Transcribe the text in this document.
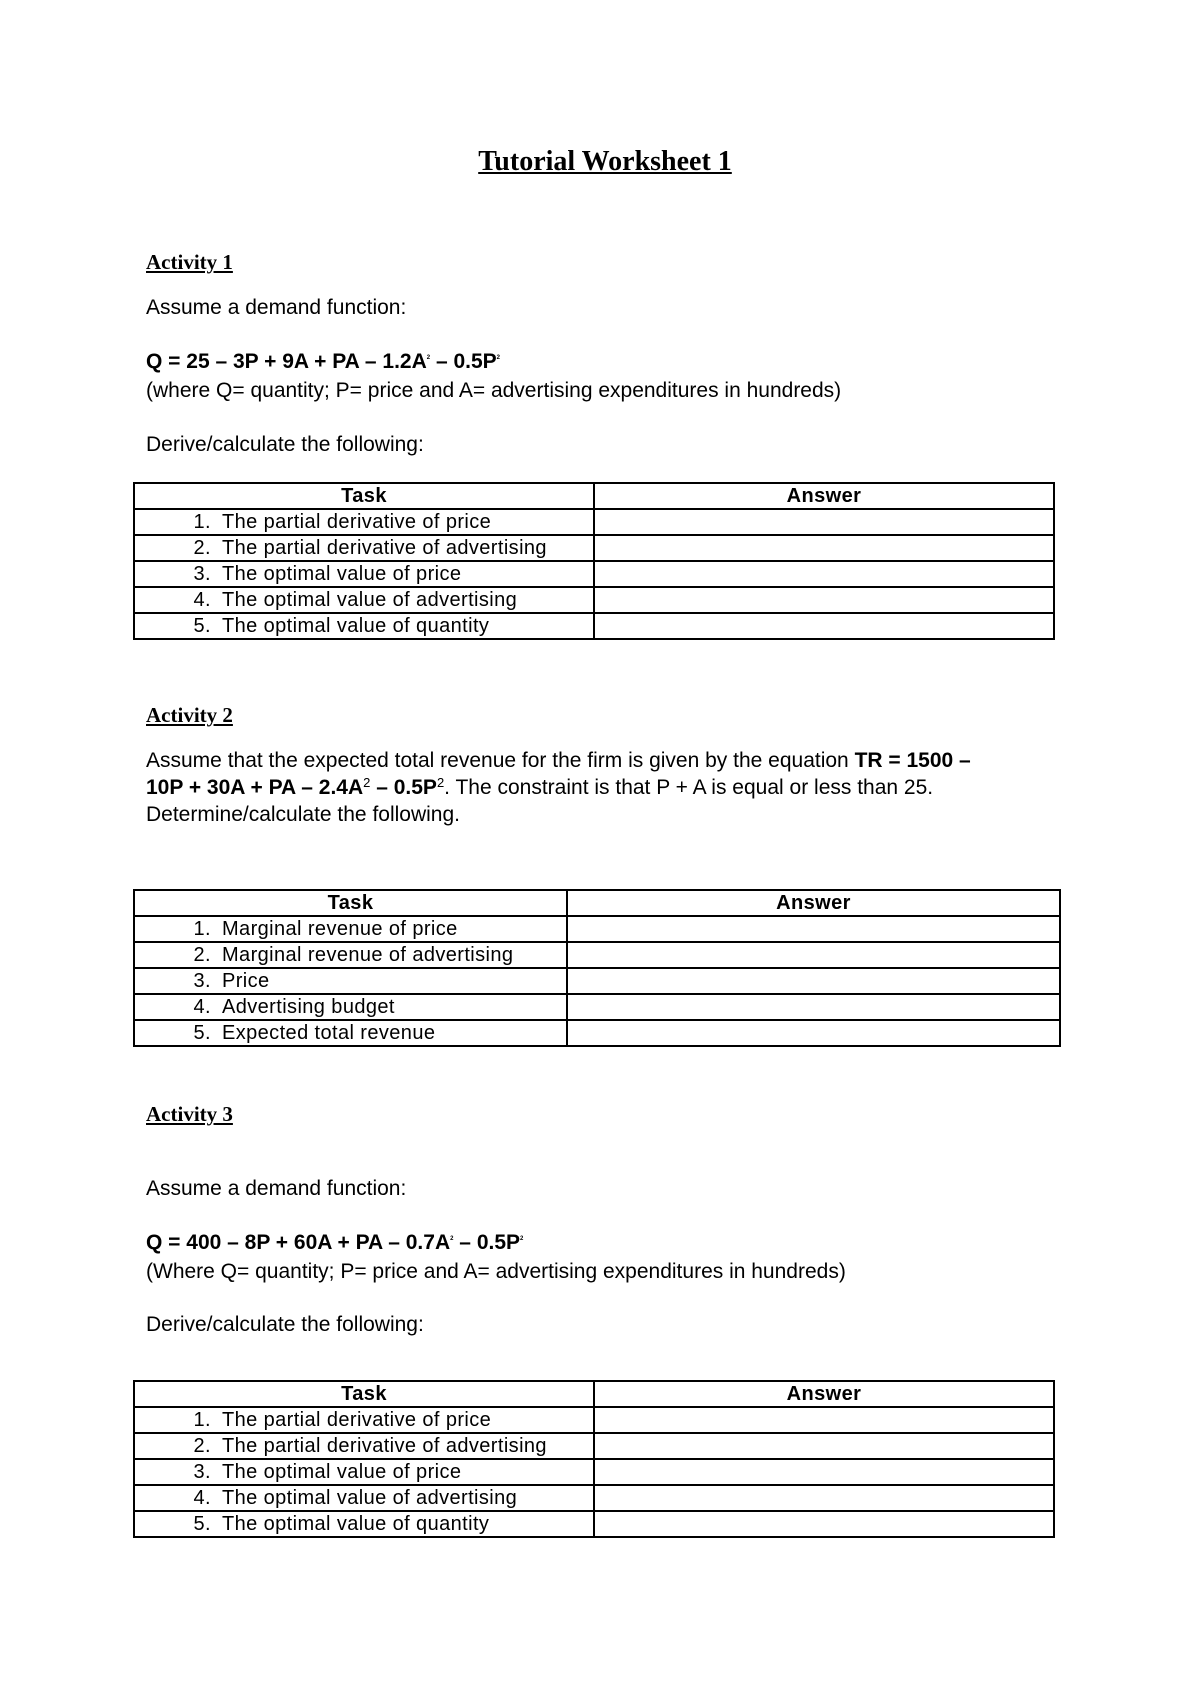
Tutorial Worksheet 1
Activity 1
Assume a demand function:
Q = 25 – 3P + 9A + PA – $1.2A^2 - 0.5P^2$
(where Q= quantity; P= price and A= advertising expenditures in hundreds)
Derive/calculate the following:
Task	Answer
1. The partial derivative of price	
2. The partial derivative of advertising	
3. The optimal value of price	
4. The optimal value of advertising	
5. The optimal value of quantity	
Activity 2
Assume that the expected total revenue for the firm is given by the equation TR = 1500 –
10P + 30A + PA – $2.4A^2 - 0.5P^2$. The constraint is that P + A is equal or less than 25.
Determine/calculate the following.
Task	Answer
1. Marginal revenue of price	
2. Marginal revenue of advertising	
3. Price	
4. Advertising budget	
5. Expected total revenue	
Activity 3
Assume a demand function:
Q = 400 – 8P + 60A + PA – $0.7A^2 - 0.5P^2$
(Where Q= quantity; P= price and A= advertising expenditures in hundreds)
Derive/calculate the following:
Task	Answer
1. The partial derivative of price	
2. The partial derivative of advertising	
3. The optimal value of price	
4. The optimal value of advertising	
5. The optimal value of quantity	
